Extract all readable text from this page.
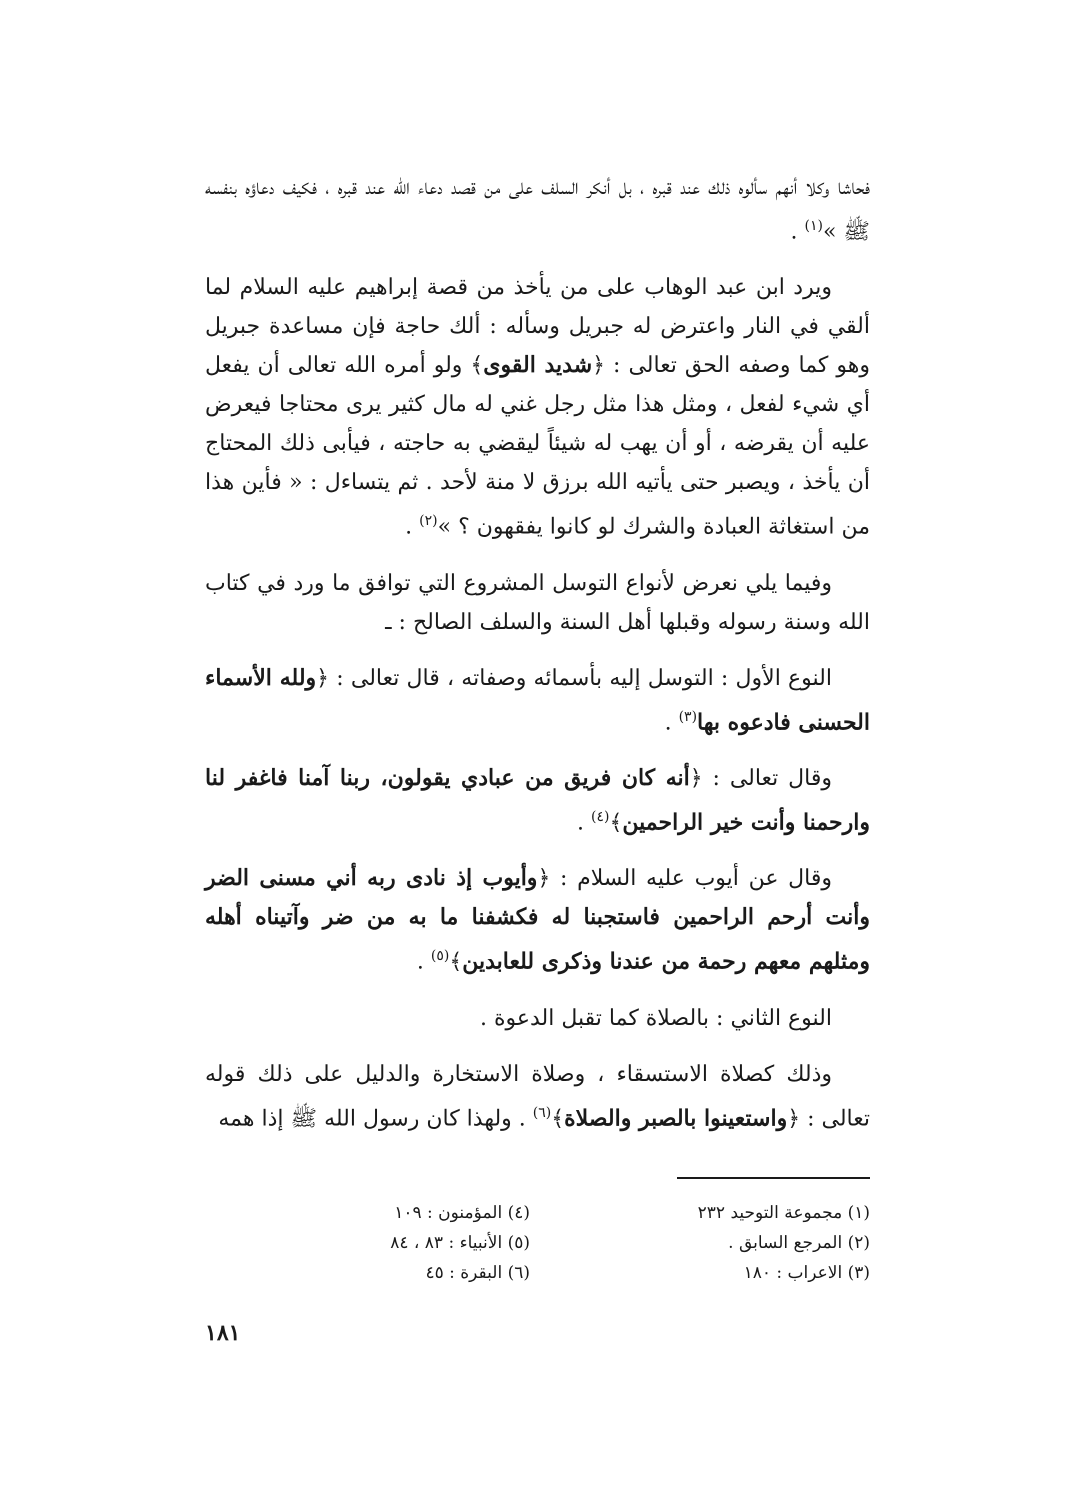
فحاشا وكلا أنهم سألوه ذلك عند قبره ، بل أنكر السلف على من قصد دعاء الله عند قبره ، فكيف دعاؤه بنفسه ﷺ »$^{(١)}$ .

ويرد ابن عبد الوهاب على من يأخذ من قصة إبراهيم عليه السلام لما ألقي في النار واعترض له جبريل وسأله : ألك حاجة فإن مساعدة جبريل وهو كما وصفه الحق تعالى : ﴿شديد القوى﴾ ولو أمره الله تعالى أن يفعل أي شيء لفعل ، ومثل هذا مثل رجل غني له مال كثير يرى محتاجا فيعرض عليه أن يقرضه ، أو أن يهب له شيئاً ليقضي به حاجته ، فيأبى ذلك المحتاج أن يأخذ ، ويصبر حتى يأتيه الله برزق لا منة لأحد . ثم يتساءل : « فأين هذا من استغاثة العبادة والشرك لو كانوا يفقهون ؟ »$^{(٢)}$ .

وفيما يلي نعرض لأنواع التوسل المشروع التي توافق ما ورد في كتاب الله وسنة رسوله وقبلها أهل السنة والسلف الصالح : ـ

النوع الأول : التوسل إليه بأسمائه وصفاته ، قال تعالى : ﴿ولله الأسماء الحسنى فادعوه بها$^{(٣)}$ .

وقال تعالى : ﴿أنه كان فريق من عبادي يقولون، ربنا آمنا فاغفر لنا وارحمنا وأنت خير الراحمين﴾$^{(٤)}$ .

وقال عن أيوب عليه السلام : ﴿وأيوب إذ نادى ربه أني مسنى الضر وأنت أرحم الراحمين فاستجبنا له فكشفنا ما به من ضر وآتيناه أهله ومثلهم معهم رحمة من عندنا وذكرى للعابدين﴾$^{(٥)}$ .

النوع الثاني : بالصلاة كما تقبل الدعوة .

وذلك كصلاة الاستسقاء ، وصلاة الاستخارة والدليل على ذلك قوله تعالى : ﴿واستعينوا بالصبر والصلاة﴾$^{(٦)}$ . ولهذا كان رسول الله ﷺ إذا همه

(١) مجموعة التوحيد ٢٣٢
(٢) المرجع السابق .
(٣) الاعراب : ١٨٠
(٤) المؤمنون : ١٠٩
(٥) الأنبياء : ٨٣ ، ٨٤
(٦) البقرة : ٤٥
١٨١
